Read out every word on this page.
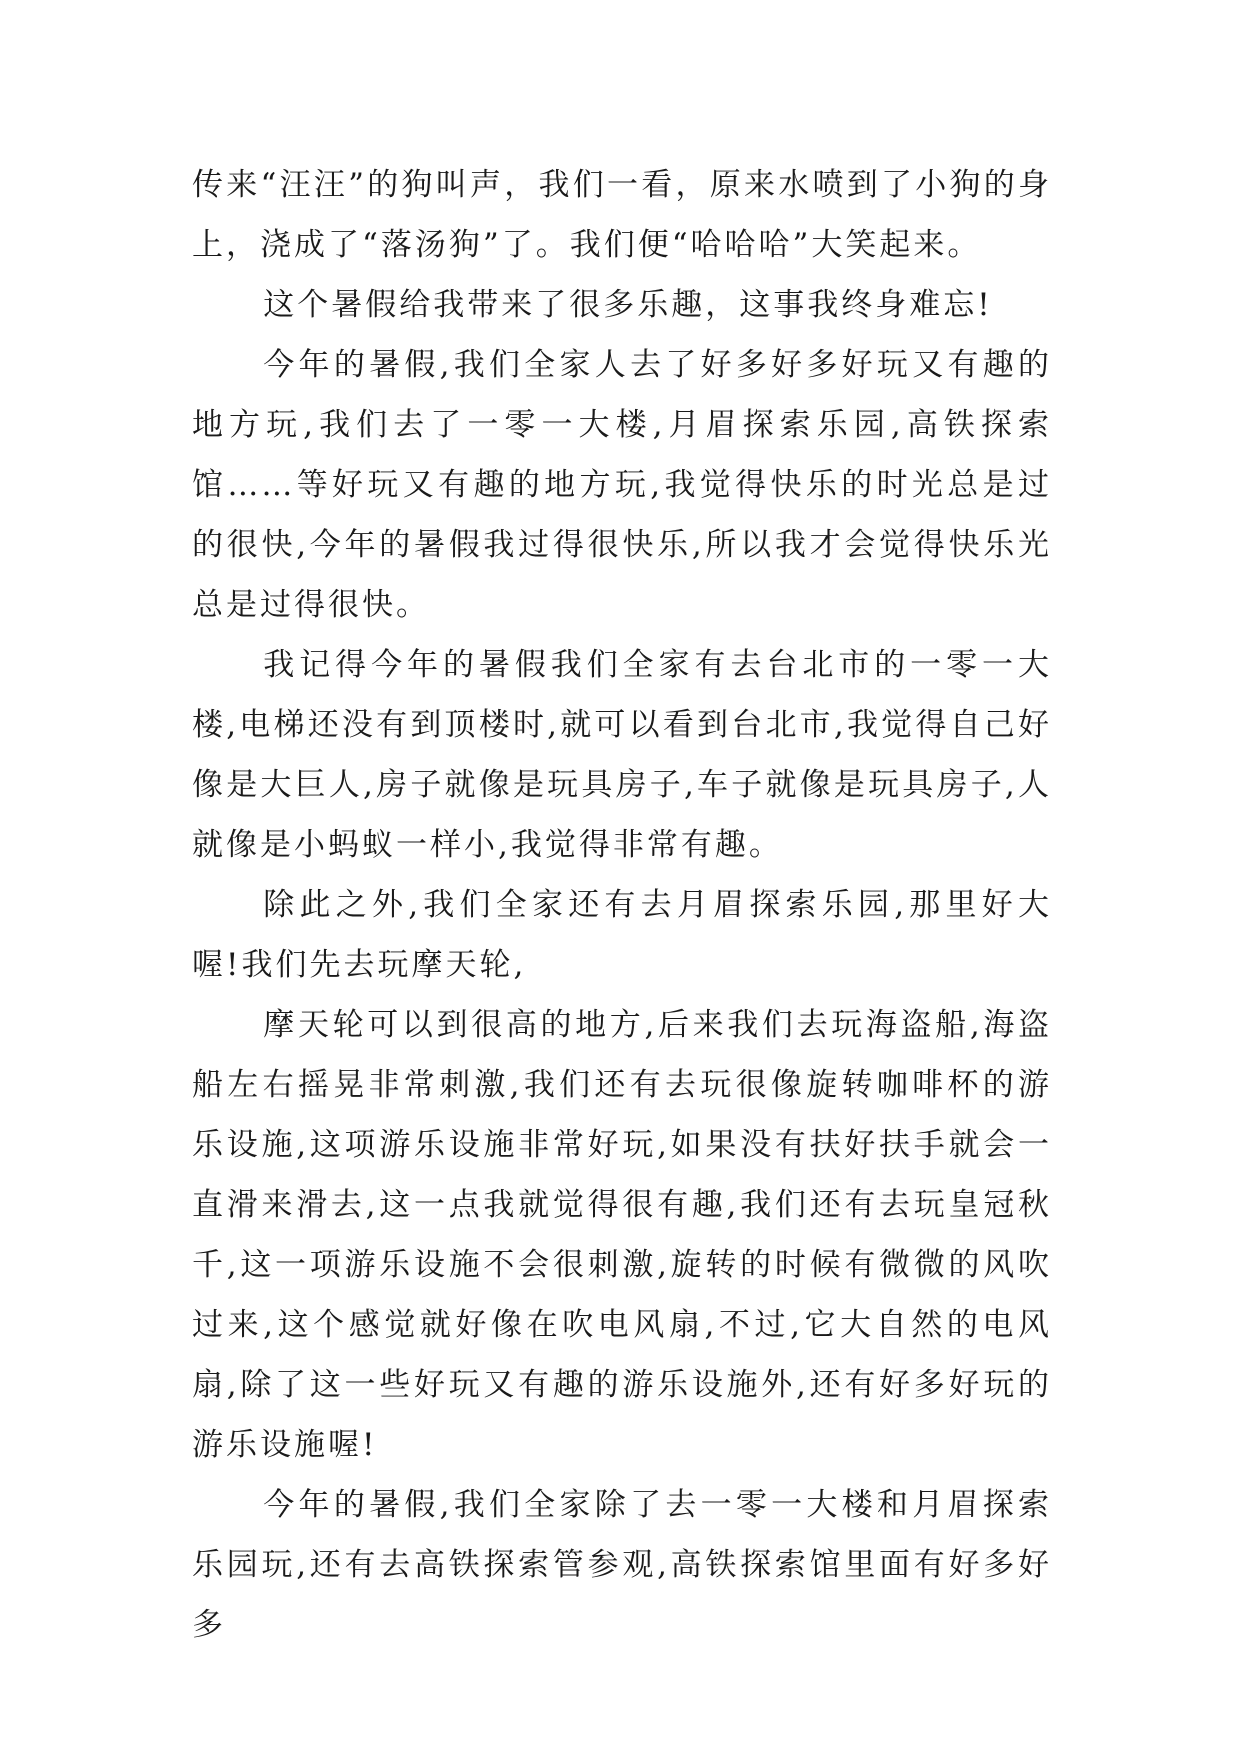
传来“汪汪”的狗叫声，我们一看，原来水喷到了小狗的身上，浇成了“落汤狗”了。我们便“哈哈哈”大笑起来。

这个暑假给我带来了很多乐趣，这事我终身难忘!

今年的暑假,我们全家人去了好多好多好玩又有趣的地方玩,我们去了一零一大楼,月眉探索乐园,高铁探索馆……等好玩又有趣的地方玩,我觉得快乐的时光总是过的很快,今年的暑假我过得很快乐,所以我才会觉得快乐光总是过得很快。

我记得今年的暑假我们全家有去台北市的一零一大楼,电梯还没有到顶楼时,就可以看到台北市,我觉得自己好像是大巨人,房子就像是玩具房子,车子就像是玩具房子,人就像是小蚂蚁一样小,我觉得非常有趣。

除此之外,我们全家还有去月眉探索乐园,那里好大喔!我们先去玩摩天轮,

摩天轮可以到很高的地方,后来我们去玩海盗船,海盗船左右摇晃非常刺激,我们还有去玩很像旋转咖啡杯的游乐设施,这项游乐设施非常好玩,如果没有扶好扶手就会一直滑来滑去,这一点我就觉得很有趣,我们还有去玩皇冠秋千,这一项游乐设施不会很刺激,旋转的时候有微微的风吹过来,这个感觉就好像在吹电风扇,不过,它大自然的电风扇,除了这一些好玩又有趣的游乐设施外,还有好多好玩的游乐设施喔!

今年的暑假,我们全家除了去一零一大楼和月眉探索乐园玩,还有去高铁探索管参观,高铁探索馆里面有好多好多
